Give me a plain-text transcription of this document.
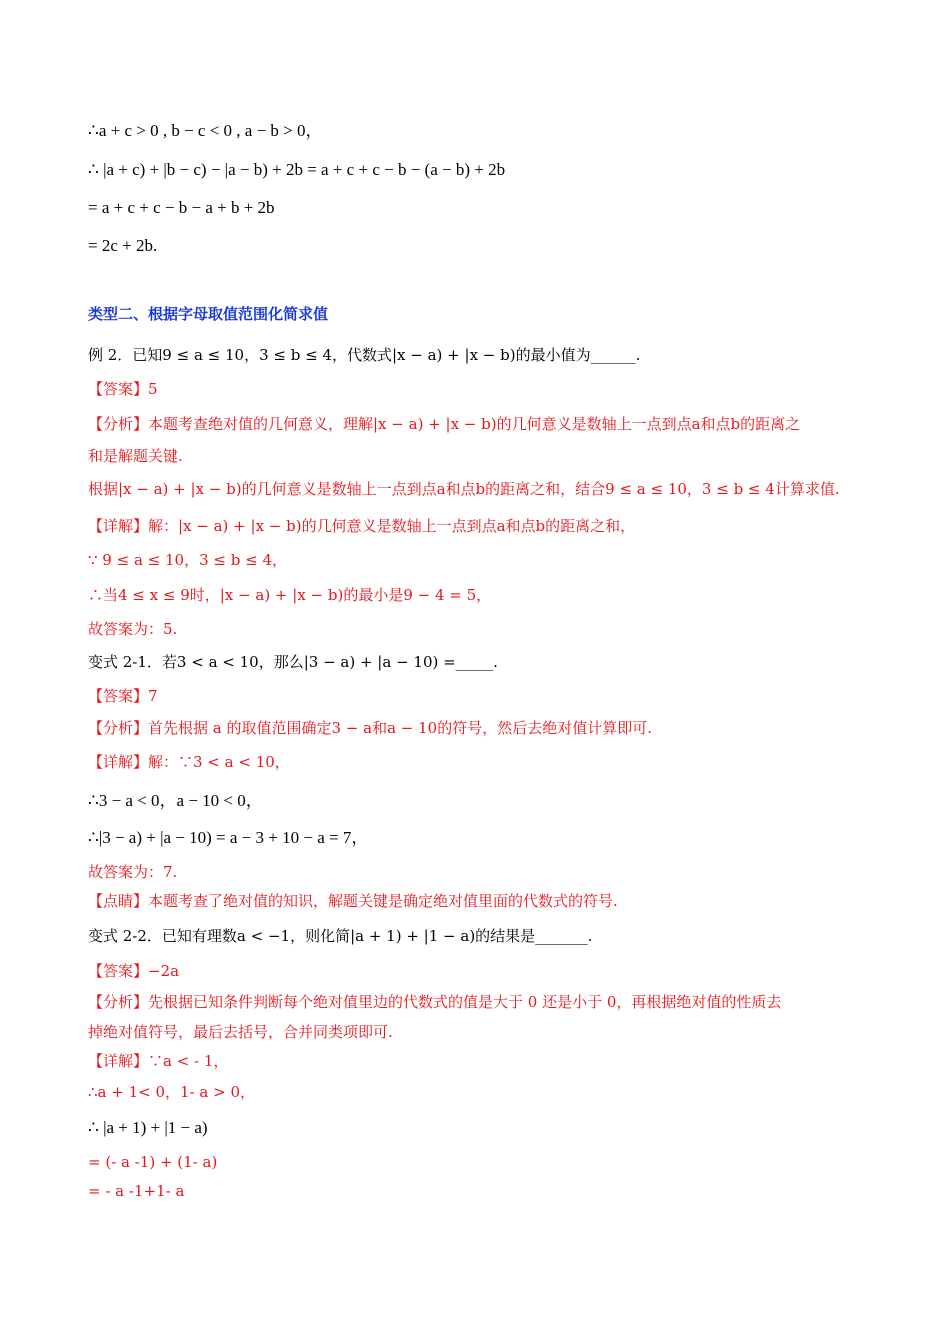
∴a + c > 0 , b − c < 0 , a − b > 0，
∴ |a + c) + |b − c) − |a − b) + 2b = a + c + c − b − (a − b) + 2b
= a + c + c − b − a + b + 2b
= 2c + 2b.
类型二、根据字母取值范围化简求值
例 2．已知9 ≤ a ≤ 10，3 ≤ b ≤ 4，代数式|x − a) + |x − b)的最小值为______.
【答案】5
【分析】本题考查绝对值的几何意义，理解|x − a) + |x − b)的几何意义是数轴上一点到点a和点b的距离之
和是解题关键.
根据|x − a) + |x − b)的几何意义是数轴上一点到点a和点b的距离之和，结合9 ≤ a ≤ 10，3 ≤ b ≤ 4计算求值.
【详解】解：|x − a) + |x − b)的几何意义是数轴上一点到点a和点b的距离之和，
∵ 9 ≤ a ≤ 10，3 ≤ b ≤ 4，
∴当4 ≤ x ≤ 9时，|x − a) + |x − b)的最小是9 − 4 = 5，
故答案为：5.
变式 2-1．若3 < a < 10，那么|3 − a) + |a − 10) =_____.
【答案】7
【分析】首先根据 a 的取值范围确定3 − a和a − 10的符号，然后去绝对值计算即可.
【详解】解：∵3 < a < 10，
∴3 − a < 0，a − 10 < 0，
∴|3 − a) + |a − 10) = a − 3 + 10 − a = 7，
故答案为：7.
【点睛】本题考查了绝对值的知识，解题关键是确定绝对值里面的代数式的符号.
变式 2-2．已知有理数a < −1，则化简|a + 1) + |1 − a)的结果是_______.
【答案】−2a
【分析】先根据已知条件判断每个绝对值里边的代数式的值是大于 0 还是小于 0，再根据绝对值的性质去
掉绝对值符号，最后去括号，合并同类项即可.
【详解】∵a < - 1，
∴a + 1< 0，1- a > 0，
∴ |a + 1) + |1 − a)
= (- a -1) + (1- a)
= - a -1+1- a
